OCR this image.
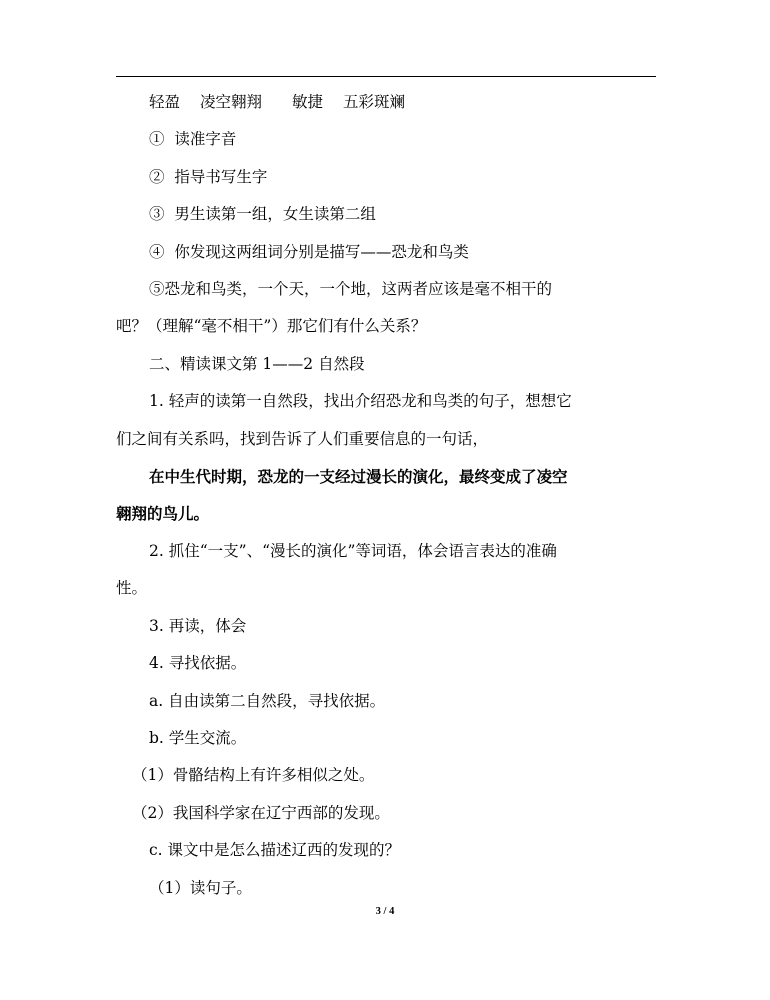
轻盈 凌空翱翔 敏捷 五彩斑斓

① 读准字音

② 指导书写生字

③ 男生读第一组，女生读第二组

④ 你发现这两组词分别是描写——恐龙和鸟类

⑤恐龙和鸟类，一个天，一个地，这两者应该是毫不相干的

吧？（理解“毫不相干”）那它们有什么关系？

二、精读课文第 1——2 自然段

1. 轻声的读第一自然段，找出介绍恐龙和鸟类的句子，想想它

们之间有关系吗，找到告诉了人们重要信息的一句话，

在中生代时期，恐龙的一支经过漫长的演化，最终变成了凌空

翱翔的鸟儿。

2. 抓住“一支”、“漫长的演化”等词语，体会语言表达的准确

性。

3. 再读，体会

4. 寻找依据。

a. 自由读第二自然段，寻找依据。

b. 学生交流。

（1）骨骼结构上有许多相似之处。

（2）我国科学家在辽宁西部的发现。

c. 课文中是怎么描述辽西的发现的？

（1）读句子。

3 / 4
